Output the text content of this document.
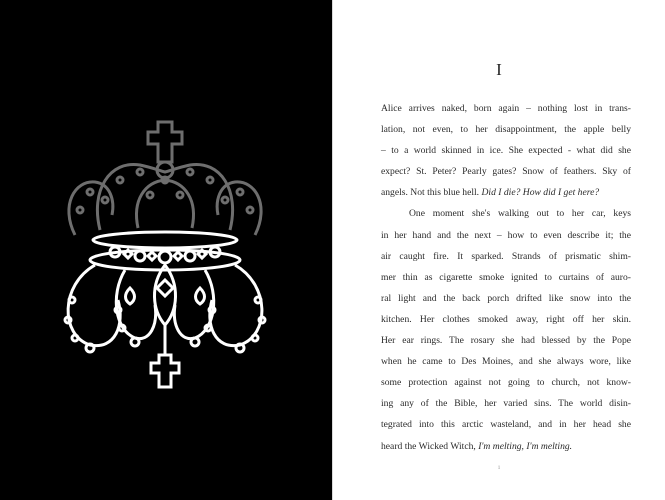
I

Alice arrives naked, born again – nothing lost in trans-
lation, not even, to her disappointment, the apple belly
– to a world skinned in ice. She expected - what did she
expect? St. Peter? Pearly gates? Snow of feathers. Sky of
angels. Not this blue hell. Did I die? How did I get here?

One moment she's walking out to her car, keys
in her hand and the next – how to even describe it; the
air caught fire. It sparked. Strands of prismatic shim-
mer thin as cigarette smoke ignited to curtains of auro-
ral light and the back porch drifted like snow into the
kitchen. Her clothes smoked away, right off her skin.
Her ear rings. The rosary she had blessed by the Pope
when he came to Des Moines, and she always wore, like
some protection against not going to church, not know-
ing any of the Bible, her varied sins. The world disin-
tegrated into this arctic wasteland, and in her head she
heard the Wicked Witch, I'm melting, I'm melting.

1
